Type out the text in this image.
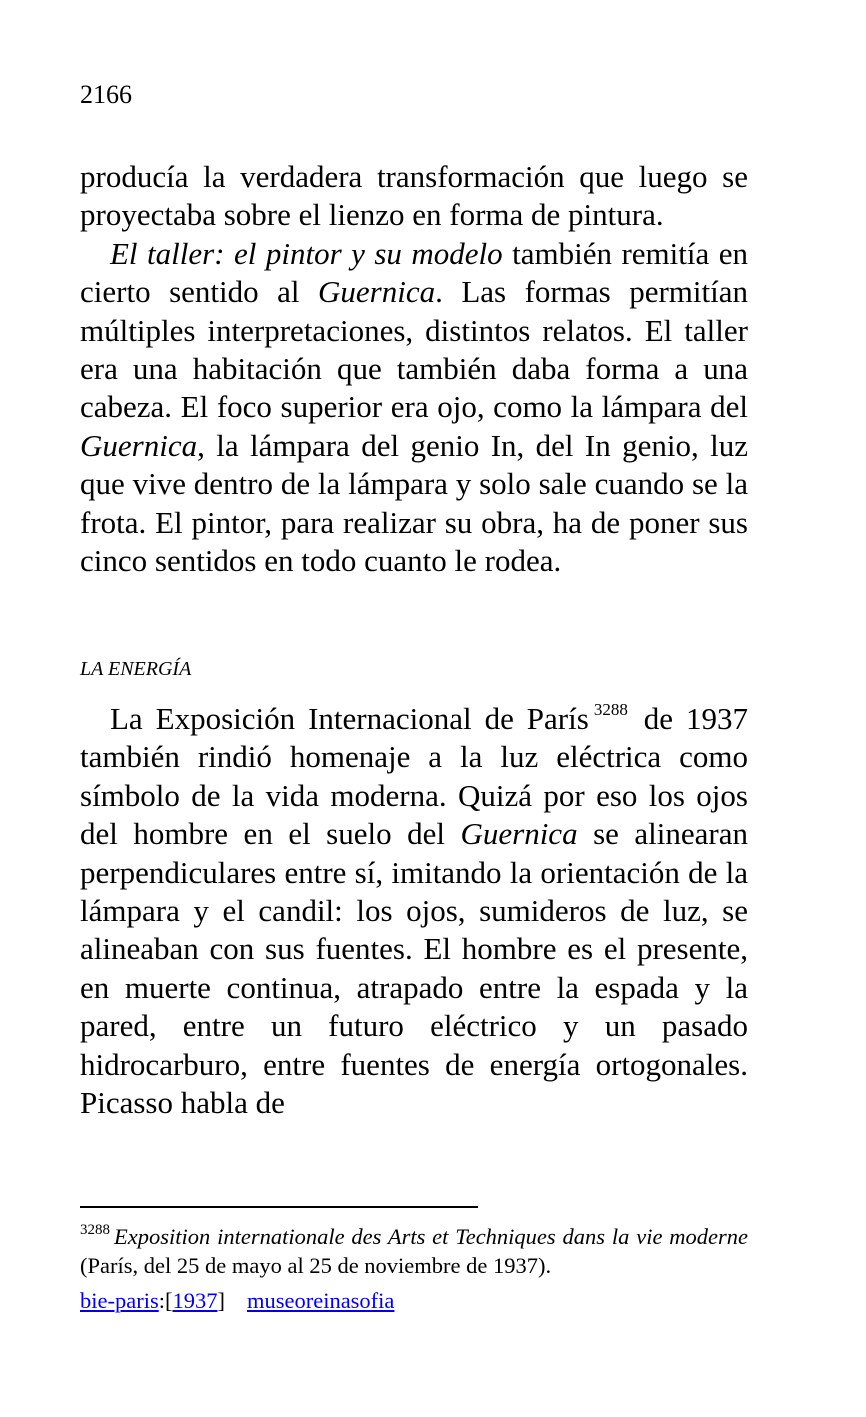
2166

producía la verdadera transformación que luego se proyectaba sobre el lienzo en forma de pintura.

El taller: el pintor y su modelo también remitía en cierto sentido al Guernica. Las formas permitían múltiples interpretaciones, distintos relatos. El taller era una habitación que también daba forma a una cabeza. El foco superior era ojo, como la lámpara del Guernica, la lámpara del genio In, del In genio, luz que vive dentro de la lámpara y solo sale cuando se la frota. El pintor, para realizar su obra, ha de poner sus cinco sentidos en todo cuanto le rodea.

LA ENERGÍA

La Exposición Internacional de París $^{3288}$ de 1937 también rindió homenaje a la luz eléctrica como símbolo de la vida moderna. Quizá por eso los ojos del hombre en el suelo del Guernica se alinearan perpendiculares entre sí, imitando la orientación de la lámpara y el candil: los ojos, sumideros de luz, se alineaban con sus fuentes. El hombre es el presente, en muerte continua, atrapado entre la espada y la pared, entre un futuro eléctrico y un pasado hidrocarburo, entre fuentes de energía ortogonales. Picasso habla de

$^{3288}$ Exposition internationale des Arts et Techniques dans la vie moderne (París, del 25 de mayo al 25 de noviembre de 1937).

bie-paris:[1937] museoreinasofia
